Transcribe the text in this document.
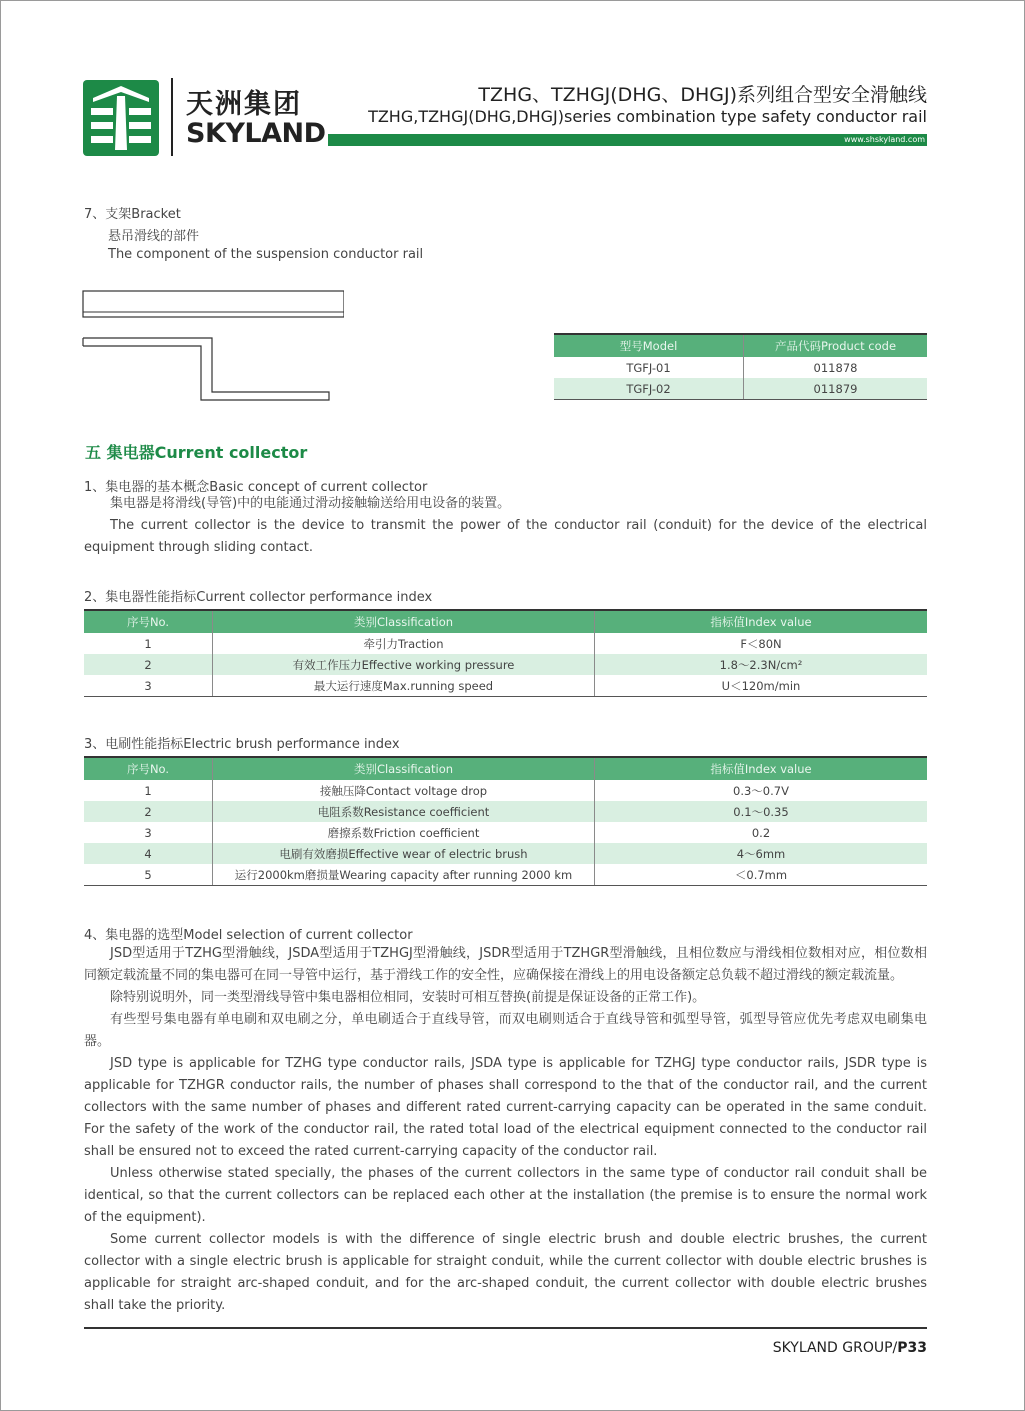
天洲集团
SKYLAND
TZHG、TZHGJ(DHG、DHGJ)系列组合型安全滑触线
TZHG,TZHGJ(DHG,DHGJ)series combination type safety conductor rail
www.shskyland.com
7、支架Bracket
悬吊滑线的部件
The component of the suspension conductor rail
型号Model	产品代码Product code
TGFJ-01	011878
TGFJ-02	011879
五 集电器Current collector
1、集电器的基本概念Basic concept of current collector

集电器是将滑线(导管)中的电能通过滑动接触输送给用电设备的装置。

The current collector is the device to transmit the power of the conductor rail (conduit) for the device of the electrical equipment through sliding contact.

2、集电器性能指标Current collector performance index
序号No.	类别Classification	指标值Index value
1	牵引力Traction	F＜80N
2	有效工作压力Effective working pressure	1.8～2.3N/cm²
3	最大运行速度Max.running speed	U＜120m/min
3、电刷性能指标Electric brush performance index
序号No.	类别Classification	指标值Index value
1	接触压降Contact voltage drop	0.3～0.7V
2	电阻系数Resistance coefficient	0.1～0.35
3	磨擦系数Friction coefficient	0.2
4	电刷有效磨损Effective wear of electric brush	4～6mm
5	运行2000km磨损量Wearing capacity after running 2000 km	＜0.7mm
4、集电器的选型Model selection of current collector

JSD型适用于TZHG型滑触线，JSDA型适用于TZHGJ型滑触线，JSDR型适用于TZHGR型滑触线，且相位数应与滑线相位数相对应，相位数相同额定载流量不同的集电器可在同一导管中运行，基于滑线工作的安全性，应确保接在滑线上的用电设备额定总负载不超过滑线的额定载流量。

除特别说明外，同一类型滑线导管中集电器相位相同，安装时可相互替换(前提是保证设备的正常工作)。

有些型号集电器有单电刷和双电刷之分，单电刷适合于直线导管，而双电刷则适合于直线导管和弧型导管，弧型导管应优先考虑双电刷集电器。

JSD type is applicable for TZHG type conductor rails, JSDA type is applicable for TZHGJ type conductor rails, JSDR type is applicable for TZHGR conductor rails, the number of phases shall correspond to the that of the conductor rail, and the current collectors with the same number of phases and different rated current-carrying capacity can be operated in the same conduit. For the safety of the work of the conductor rail, the rated total load of the electrical equipment connected to the conductor rail shall be ensured not to exceed the rated current-carrying capacity of the conductor rail.

Unless otherwise stated specially, the phases of the current collectors in the same type of conductor rail conduit shall be identical, so that the current collectors can be replaced each other at the installation (the premise is to ensure the normal work of the equipment).

Some current collector models is with the difference of single electric brush and double electric brushes, the current collector with a single electric brush is applicable for straight conduit, while the current collector with double electric brushes is applicable for straight arc-shaped conduit, and for the arc-shaped conduit, the current collector with double electric brushes shall take the priority.

SKYLAND GROUP/P33
